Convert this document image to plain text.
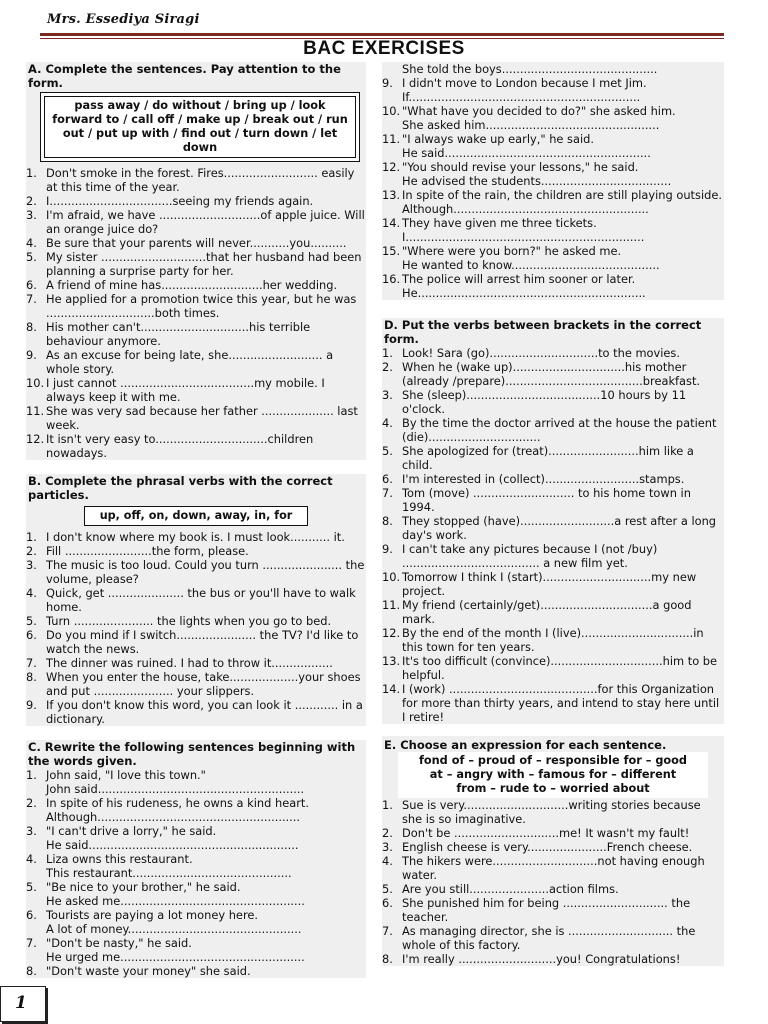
Mrs. Essediya Siragi
BAC EXERCISES
A. Complete the sentences. Pay attention to the form.
pass away / do without / bring up / look forward to / call off / make up / break out / run out / put up with / find out / turn down / let down
1. Don't smoke in the forest. Fires.......................... easily at this time of the year.
2. I..................................seeing my friends again.
3. I'm afraid, we have ............................of apple juice. Will an orange juice do?
4. Be sure that your parents will never...........you..........
5. My sister .............................that her husband had been planning a surprise party for her.
6. A friend of mine has............................her wedding.
7. He applied for a promotion twice this year, but he was ..............................both times.
8. His mother can't..............................his terrible behaviour anymore.
9. As an excuse for being late, she.......................... a whole story.
10. I just cannot .....................................my mobile. I always keep it with me.
11. She was very sad because her father .................... last week.
12. It isn't very easy to...............................children nowadays.
B. Complete the phrasal verbs with the correct particles.
up, off, on, down, away, in, for
1. I don't know where my book is. I must look........... it.
2. Fill ........................the form, please.
3. The music is too loud. Could you turn ...................... the volume, please?
4. Quick, get ..................... the bus or you'll have to walk home.
5. Turn ...................... the lights when you go to bed.
6. Do you mind if I switch...................... the TV? I'd like to watch the news.
7. The dinner was ruined. I had to throw it.................
8. When you enter the house, take...................your shoes and put ...................... your slippers.
9. If you don't know this word, you can look it ............ in a dictionary.
C. Rewrite the following sentences beginning with the words given.
1. John said, "I love this town."
John said.........................................................
2. In spite of his rudeness, he owns a kind heart.
Although........................................................
3. "I can't drive a lorry," he said.
He said..........................................................
4. Liza owns this restaurant.
This restaurant............................................
5. "Be nice to your brother," he said.
He asked me...................................................
6. Tourists are paying a lot money here.
A lot of money................................................
7. "Don't be nasty," he said.
He urged me...................................................
8. "Don't waste your money" she said.
She told the boys...........................................
9. I didn't move to London because I met Jim.
If................................................................
10. "What have you decided to do?" she asked him.
She asked him................................................
11. "I always wake up early," he said.
He said.........................................................
12. "You should revise your lessons," he said.
He advised the students....................................
13. In spite of the rain, the children are still playing outside.
Although......................................................
14. They have given me three tickets.
I..................................................................
15. "Where were you born?" he asked me.
He wanted to know.........................................
16. The police will arrest him sooner or later.
He...............................................................
D. Put the verbs between brackets in the correct form.
1. Look! Sara (go)..............................to the movies.
2. When he (wake up)...............................his mother (already /prepare)......................................breakfast.
3. She (sleep).....................................10 hours by 11 o'clock.
4. By the time the doctor arrived at the house the patient (die)...............................
5. She apologized for (treat).........................him like a child.
6. I'm interested in (collect)..........................stamps.
7. Tom (move) ............................ to his home town in 1994.
8. They stopped (have)..........................a rest after a long day's work.
9. I can't take any pictures because I (not /buy) ...................................... a new film yet.
10. Tomorrow I think I (start)..............................my new project.
11. My friend (certainly/get)...............................a good mark.
12. By the end of the month I (live)...............................in this town for ten years.
13. It's too difficult (convince)...............................him to be helpful.
14. I (work) .........................................for this Organization for more than thirty years, and intend to stay here until I retire!
E. Choose an expression for each sentence.
fond of – proud of – responsible for – good at – angry with – famous for – different from – rude to – worried about
1. Sue is very.............................writing stories because she is so imaginative.
2. Don't be .............................me! It wasn't my fault!
3. English cheese is very......................French cheese.
4. The hikers were.............................not having enough water.
5. Are you still......................action films.
6. She punished him for being ............................. the teacher.
7. As managing director, she is ............................. the whole of this factory.
8. I'm really ...........................you! Congratulations!
1
